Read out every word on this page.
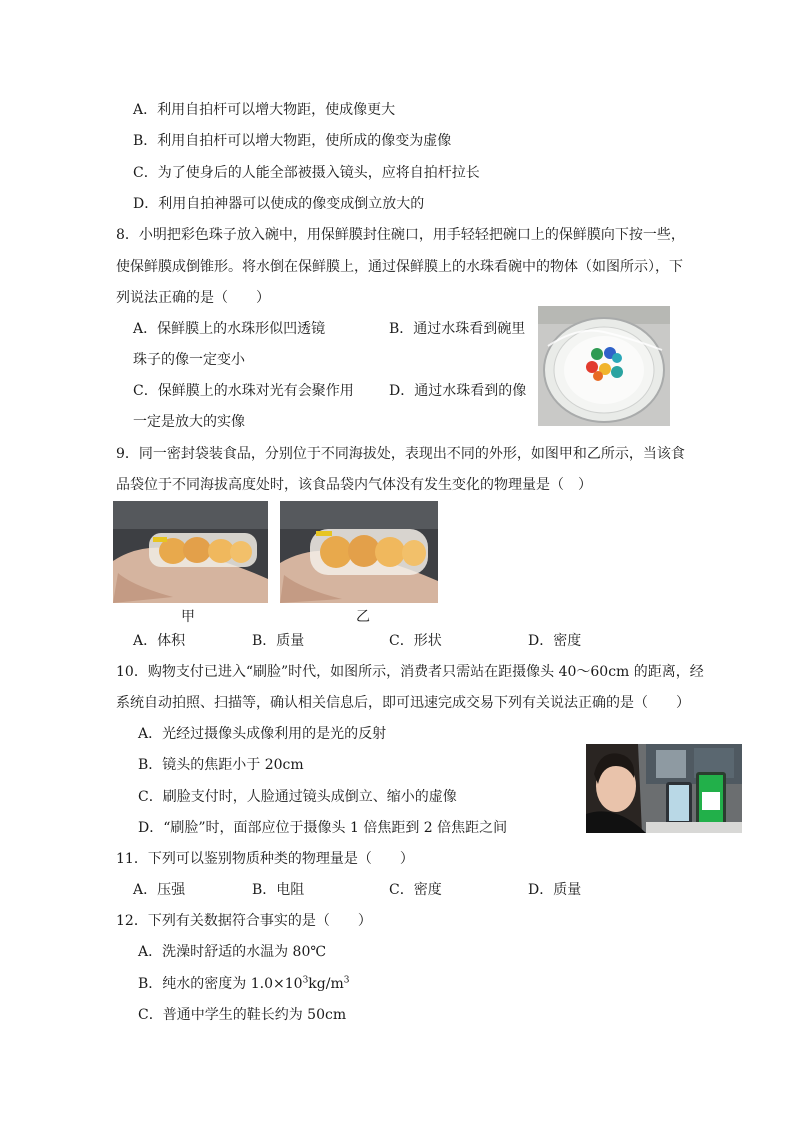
A．利用自拍杆可以增大物距，使成像更大
B．利用自拍杆可以增大物距，使所成的像变为虚像
C．为了使身后的人能全部被摄入镜头，应将自拍杆拉长
D．利用自拍神器可以使成的像变成倒立放大的
8．小明把彩色珠子放入碗中，用保鲜膜封住碗口，用手轻轻把碗口上的保鲜膜向下按一些，
使保鲜膜成倒锥形。将水倒在保鲜膜上，通过保鲜膜上的水珠看碗中的物体（如图所示），下
列说法正确的是（　　）
A．保鲜膜上的水珠形似凹透镜	B．通过水珠看到碗里
珠子的像一定变小
C．保鲜膜上的水珠对光有会聚作用	D．通过水珠看到的像
一定是放大的实像
9．同一密封袋装食品，分别位于不同海拔处，表现出不同的外形，如图甲和乙所示，当该食
品袋位于不同海拔高度处时，该食品袋内气体没有发生变化的物理量是（　）
甲	乙
A．体积	B．质量	C．形状	D．密度
10．购物支付已进入“刷脸”时代，如图所示，消费者只需站在距摄像头 40～60cm 的距离，经
系统自动拍照、扫描等，确认相关信息后，即可迅速完成交易下列有关说法正确的是（　　）
A．光经过摄像头成像利用的是光的反射
B．镜头的焦距小于 20cm
C．刷脸支付时，人脸通过镜头成倒立、缩小的虚像
D．“刷脸”时，面部应位于摄像头 1 倍焦距到 2 倍焦距之间
11．下列可以鉴别物质种类的物理量是（　　）
A．压强	B．电阻	C．密度	D．质量
12．下列有关数据符合事实的是（　　）
A．洗澡时舒适的水温为 80℃
B．纯水的密度为 $1.0\times 10^3kg/m^3$
C．普通中学生的鞋长约为 50cm
